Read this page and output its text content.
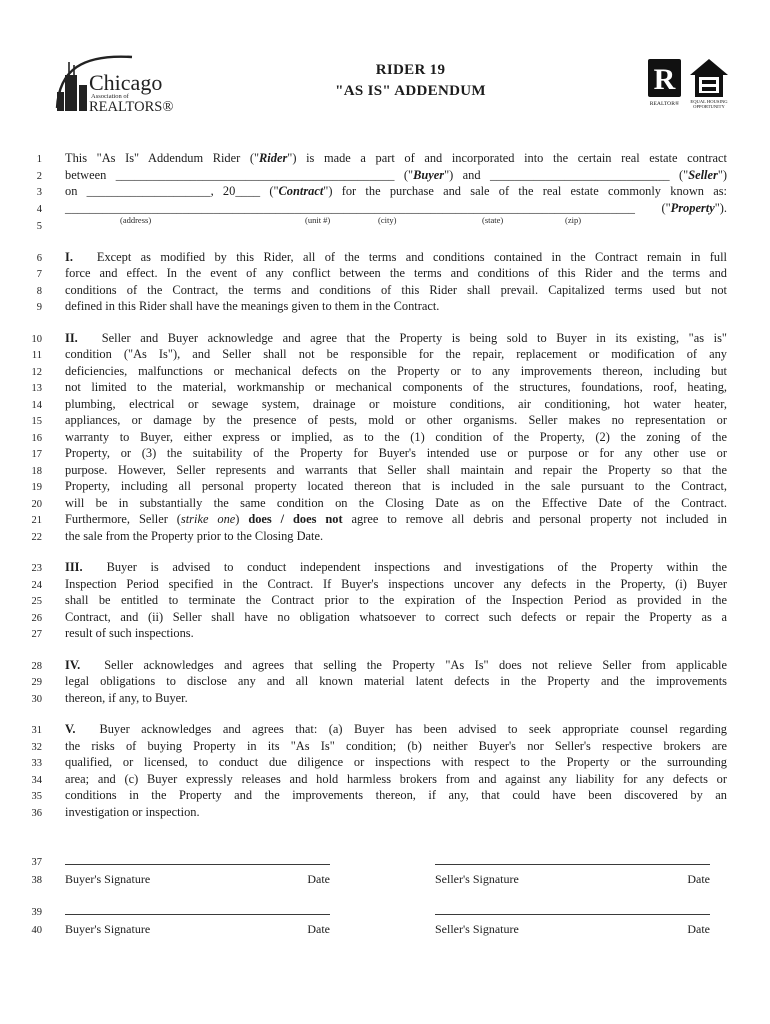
Chicago
Association of
REALTORS®
RIDER 19
"AS IS" ADDENDUM	R
REALTOR® EQUAL HOUSING
OPPORTUNITY
1 This "As Is" Addendum Rider ("Rider") is made a part of and incorporated into the certain real estate contract
2 between _____________________________________________ ("Buyer") and _____________________________ ("Seller")
3 on ____________________, 20____ ("Contract") for the purchase and sale of the real estate commonly known as:
4 ____________________________________________________________________________________________ ("Property").
5
(address)	(unit #)	(city)	(state)	(zip)
6 I. Except as modified by this Rider, all of the terms and conditions contained in the Contract remain in full
7 force and effect. In the event of any conflict between the terms and conditions of this Rider and the terms and
8 conditions of the Contract, the terms and conditions of this Rider shall prevail. Capitalized terms used but not
9 defined in this Rider shall have the meanings given to them in the Contract.
10 II. Seller and Buyer acknowledge and agree that the Property is being sold to Buyer in its existing, "as is"
11 condition ("As Is"), and Seller shall not be responsible for the repair, replacement or modification of any
12 deficiencies, malfunctions or mechanical defects on the Property or to any improvements thereon, including but
13 not limited to the material, workmanship or mechanical components of the structures, foundations, roof, heating,
14 plumbing, electrical or sewage system, drainage or moisture conditions, air conditioning, hot water heater,
15 appliances, or damage by the presence of pests, mold or other organisms. Seller makes no representation or
16 warranty to Buyer, either express or implied, as to the (1) condition of the Property, (2) the zoning of the
17 Property, or (3) the suitability of the Property for Buyer's intended use or purpose or for any other use or
18 purpose. However, Seller represents and warrants that Seller shall maintain and repair the Property so that the
19 Property, including all personal property located thereon that is included in the sale pursuant to the Contract,
20 will be in substantially the same condition on the Closing Date as on the Effective Date of the Contract.
21 Furthermore, Seller (strike one) does / does not agree to remove all debris and personal property not included in
22 the sale from the Property prior to the Closing Date.
23 III. Buyer is advised to conduct independent inspections and investigations of the Property within the
24 Inspection Period specified in the Contract. If Buyer's inspections uncover any defects in the Property, (i) Buyer
25 shall be entitled to terminate the Contract prior to the expiration of the Inspection Period as provided in the
26 Contract, and (ii) Seller shall have no obligation whatsoever to correct such defects or repair the Property as a
27 result of such inspections.
28 IV. Seller acknowledges and agrees that selling the Property "As Is" does not relieve Seller from applicable
29 legal obligations to disclose any and all known material latent defects in the Property and the improvements
30 thereon, if any, to Buyer.
31 V. Buyer acknowledges and agrees that: (a) Buyer has been advised to seek appropriate counsel regarding
32 the risks of buying Property in its "As Is" condition; (b) neither Buyer's nor Seller's respective brokers are
33 qualified, or licensed, to conduct due diligence or inspections with respect to the Property or the surrounding
34 area; and (c) Buyer expressly releases and hold harmless brokers from and against any liability for any defects or
35 conditions in the Property and the improvements thereon, if any, that could have been discovered by an
36 investigation or inspection.
37
38 Buyer's Signature	Date	Seller's Signature	Date
39
40 Buyer's Signature	Date	Seller's Signature	Date
